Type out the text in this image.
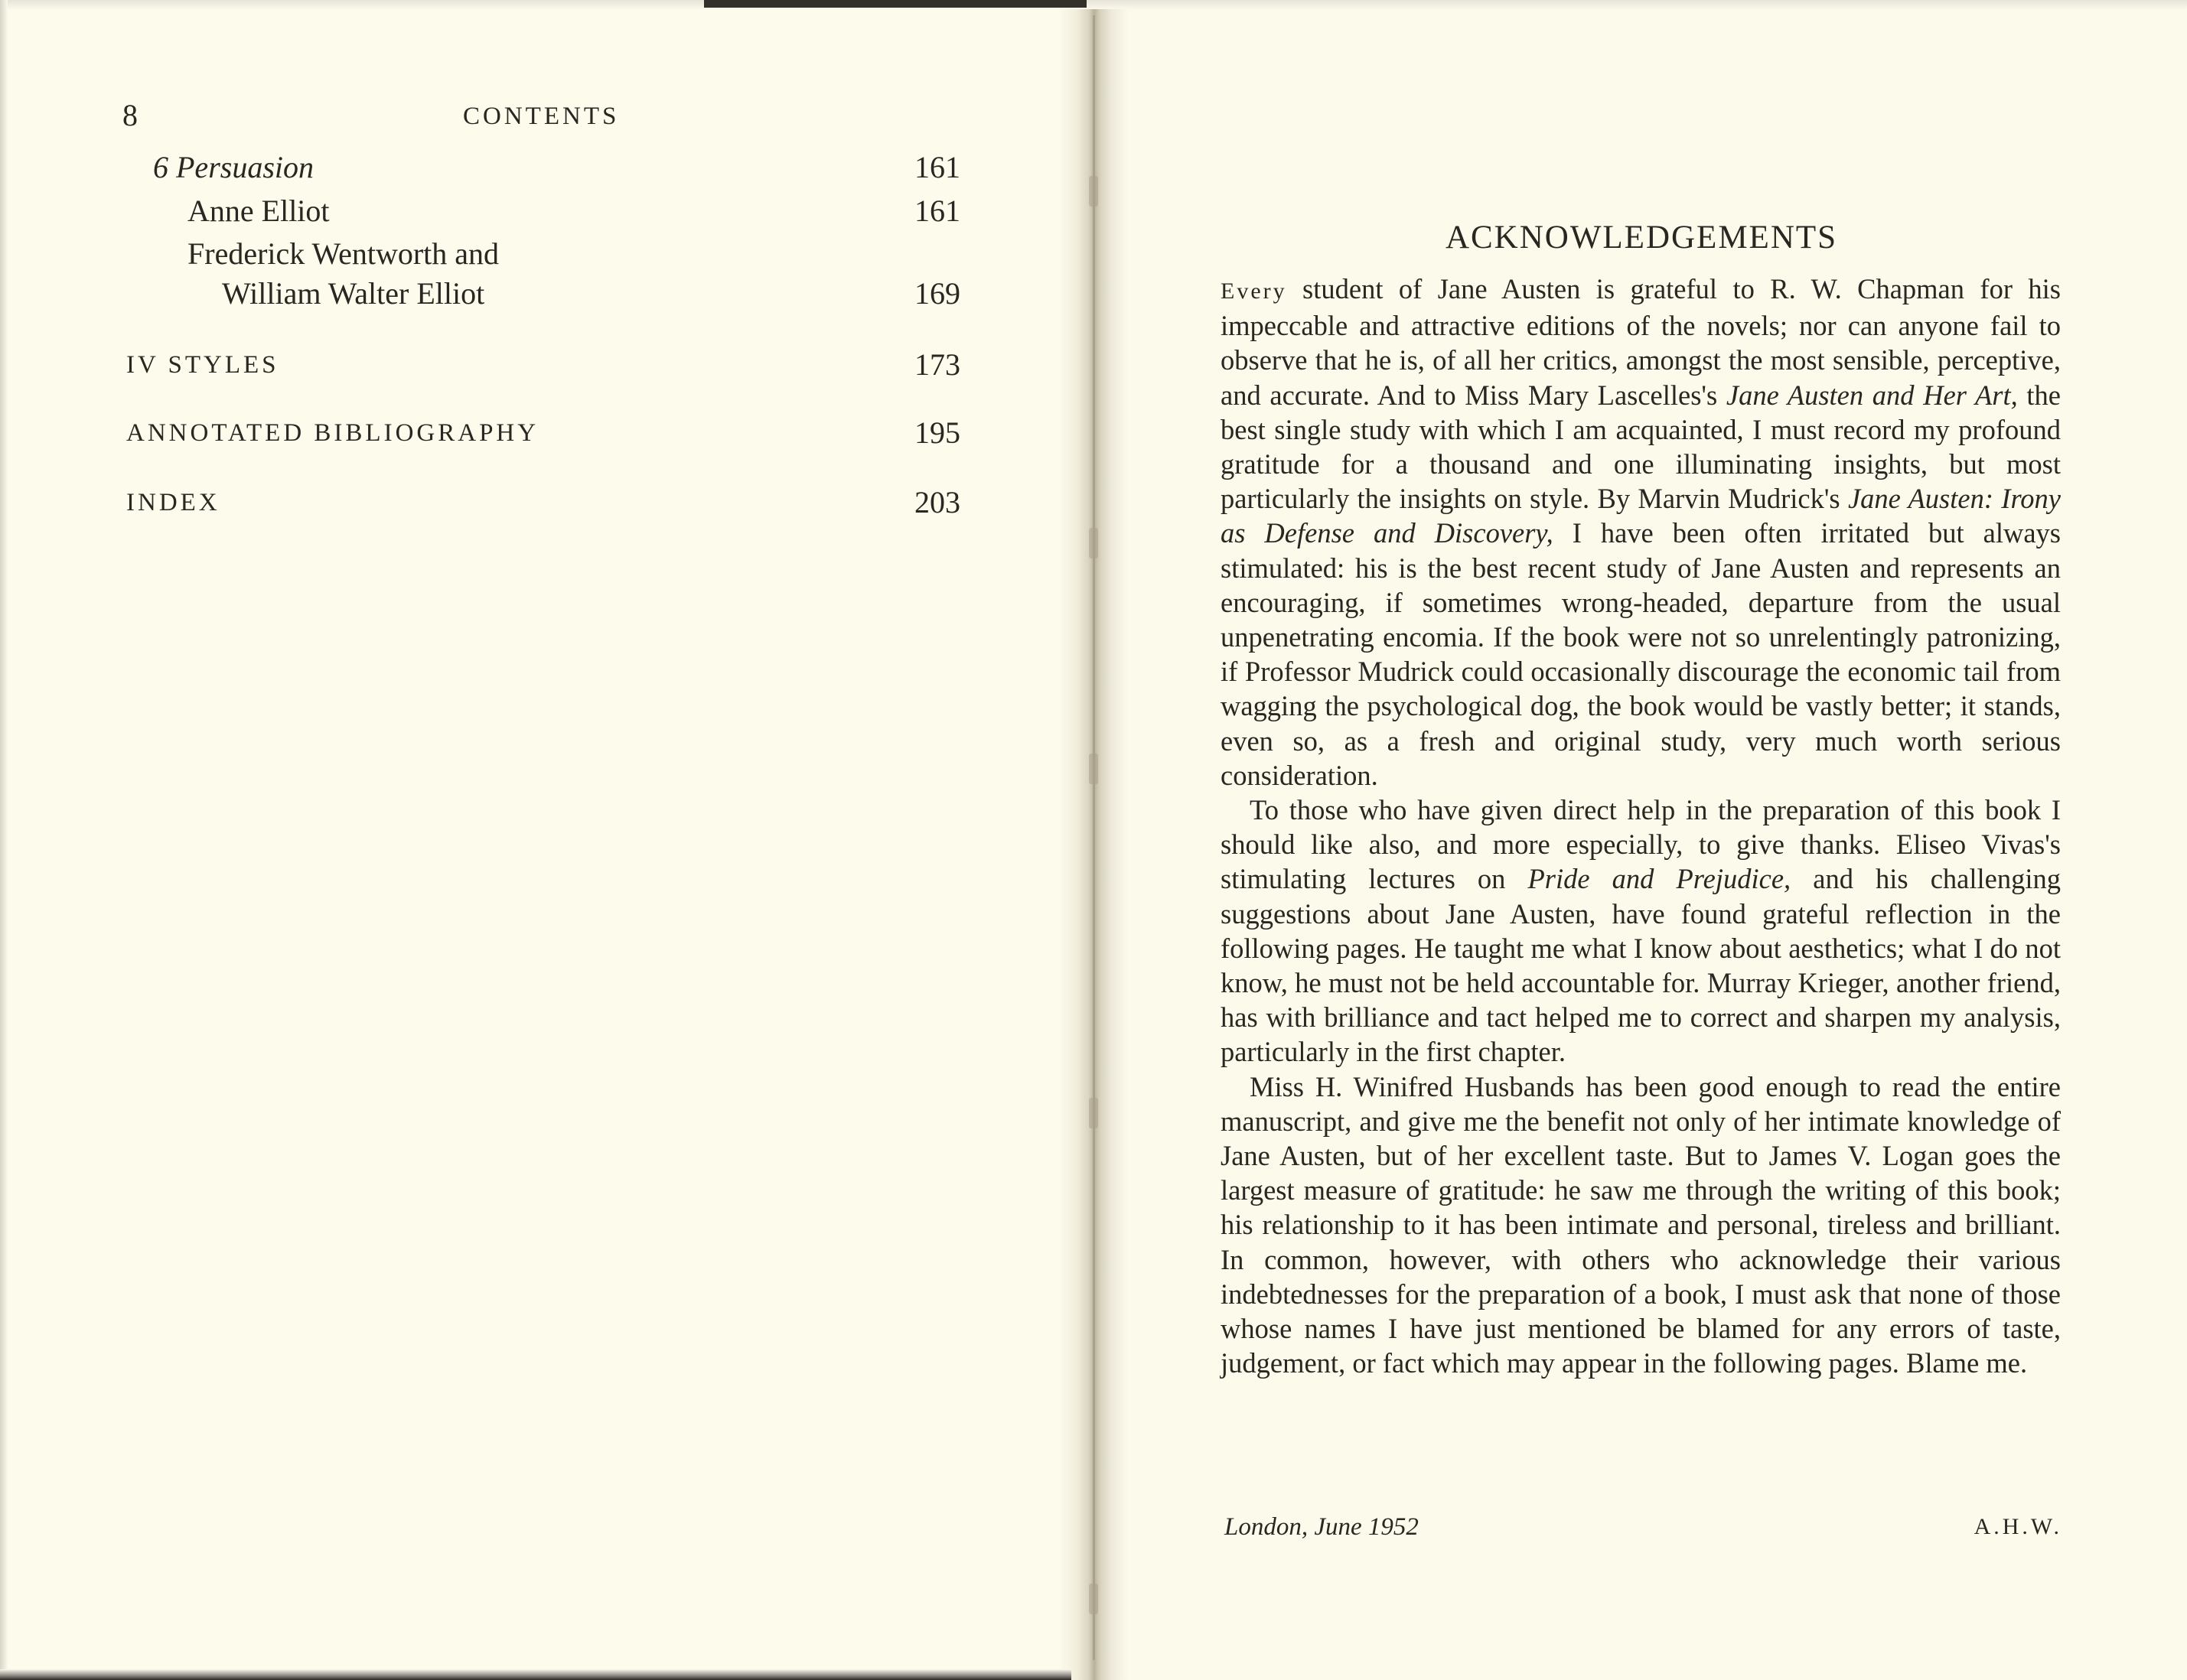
8	CONTENTS
6 Persuasion	161
Anne Elliot	161
Frederick Wentworth and
William Walter Elliot	169
IV STYLES	173
ANNOTATED BIBLIOGRAPHY	195
INDEX	203
ACKNOWLEDGEMENTS

Every student of Jane Austen is grateful to R. W. Chapman for his impeccable and attractive editions of the novels; nor can anyone fail to observe that he is, of all her critics, amongst the most sensible, perceptive, and accurate. And to Miss Mary Lascelles's Jane Austen and Her Art, the best single study with which I am acquainted, I must record my profound gratitude for a thousand and one illuminating insights, but most particularly the insights on style. By Marvin Mudrick's Jane Austen: Irony as Defense and Discovery, I have been often irritated but always stimulated: his is the best recent study of Jane Austen and represents an encouraging, if sometimes wrong-headed, departure from the usual unpenetrating encomia. If the book were not so unrelentingly patronizing, if Professor Mudrick could occasionally discourage the economic tail from wagging the psychological dog, the book would be vastly better; it stands, even so, as a fresh and original study, very much worth serious consideration.

To those who have given direct help in the preparation of this book I should like also, and more especially, to give thanks. Eliseo Vivas's stimulating lectures on Pride and Prejudice, and his challenging suggestions about Jane Austen, have found grateful reflection in the following pages. He taught me what I know about aesthetics; what I do not know, he must not be held accountable for. Murray Krieger, another friend, has with brilliance and tact helped me to correct and sharpen my analysis, particularly in the first chapter.

Miss H. Winifred Husbands has been good enough to read the entire manuscript, and give me the benefit not only of her intimate knowledge of Jane Austen, but of her excellent taste. But to James V. Logan goes the largest measure of gratitude: he saw me through the writing of this book; his relationship to it has been intimate and personal, tireless and brilliant. In common, however, with others who acknowledge their various indebtednesses for the preparation of a book, I must ask that none of those whose names I have just mentioned be blamed for any errors of taste, judgement, or fact which may appear in the following pages. Blame me.

London, June 1952	A.H.W.
